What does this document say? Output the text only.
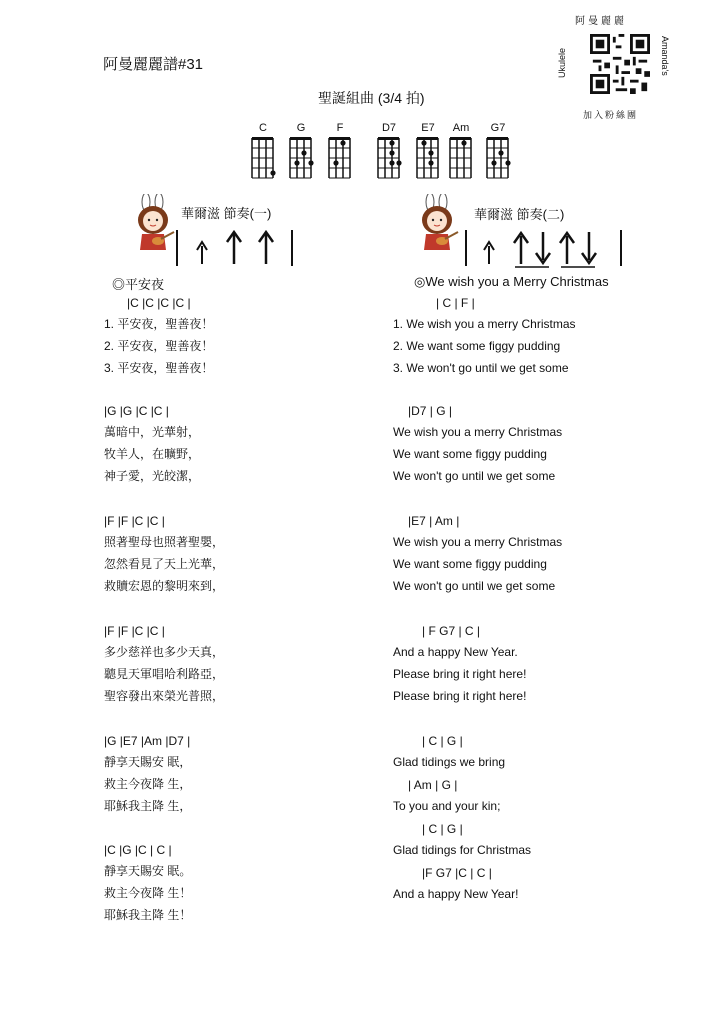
阿曼麗麗譜#31
聖誕組曲 (3/4 拍)
阿曼麗麗
Ukulele	Amanda's
加入粉絲團
C	G	F	D7	E7	Am	G7
華爾滋 節奏(一)	華爾滋 節奏(二)
◎平安夜	◎We wish you a Merry Christmas
|C |C |C |C |
1. 平安夜，聖善夜！
2. 平安夜，聖善夜！
3. 平安夜，聖善夜！
|G |G |C |C |
萬暗中，光華射，
牧羊人，在曠野，
神子愛，光皎潔，
|F |F |C |C |
照著聖母也照著聖嬰，
忽然看見了天上光華，
救贖宏恩的黎明來到，
|F |F |C |C |
多少慈祥也多少天真，
聽見天軍唱哈利路亞，
聖容發出來榮光普照，
|G |E7 |Am |D7 |
靜享天賜安 眠，
救主今夜降 生，
耶穌我主降 生，
|C |G |C | C |
靜享天賜安 眠。
救主今夜降 生！
耶穌我主降 生！
| C | F |
1. We wish you a merry Christmas
2. We want some figgy pudding
3. We won't go until we get some
|D7 | G |
We wish you a merry Christmas
We want some figgy pudding
We won't go until we get some
|E7 | Am |
We wish you a merry Christmas
We want some figgy pudding
We won't go until we get some
| F G7 | C |
And a happy New Year.
Please bring it right here!
Please bring it right here!
| C | G |
Glad tidings we bring
| Am | G |
To you and your kin;
| C | G |
Glad tidings for Christmas
|F G7 |C | C |
And a happy New Year!
